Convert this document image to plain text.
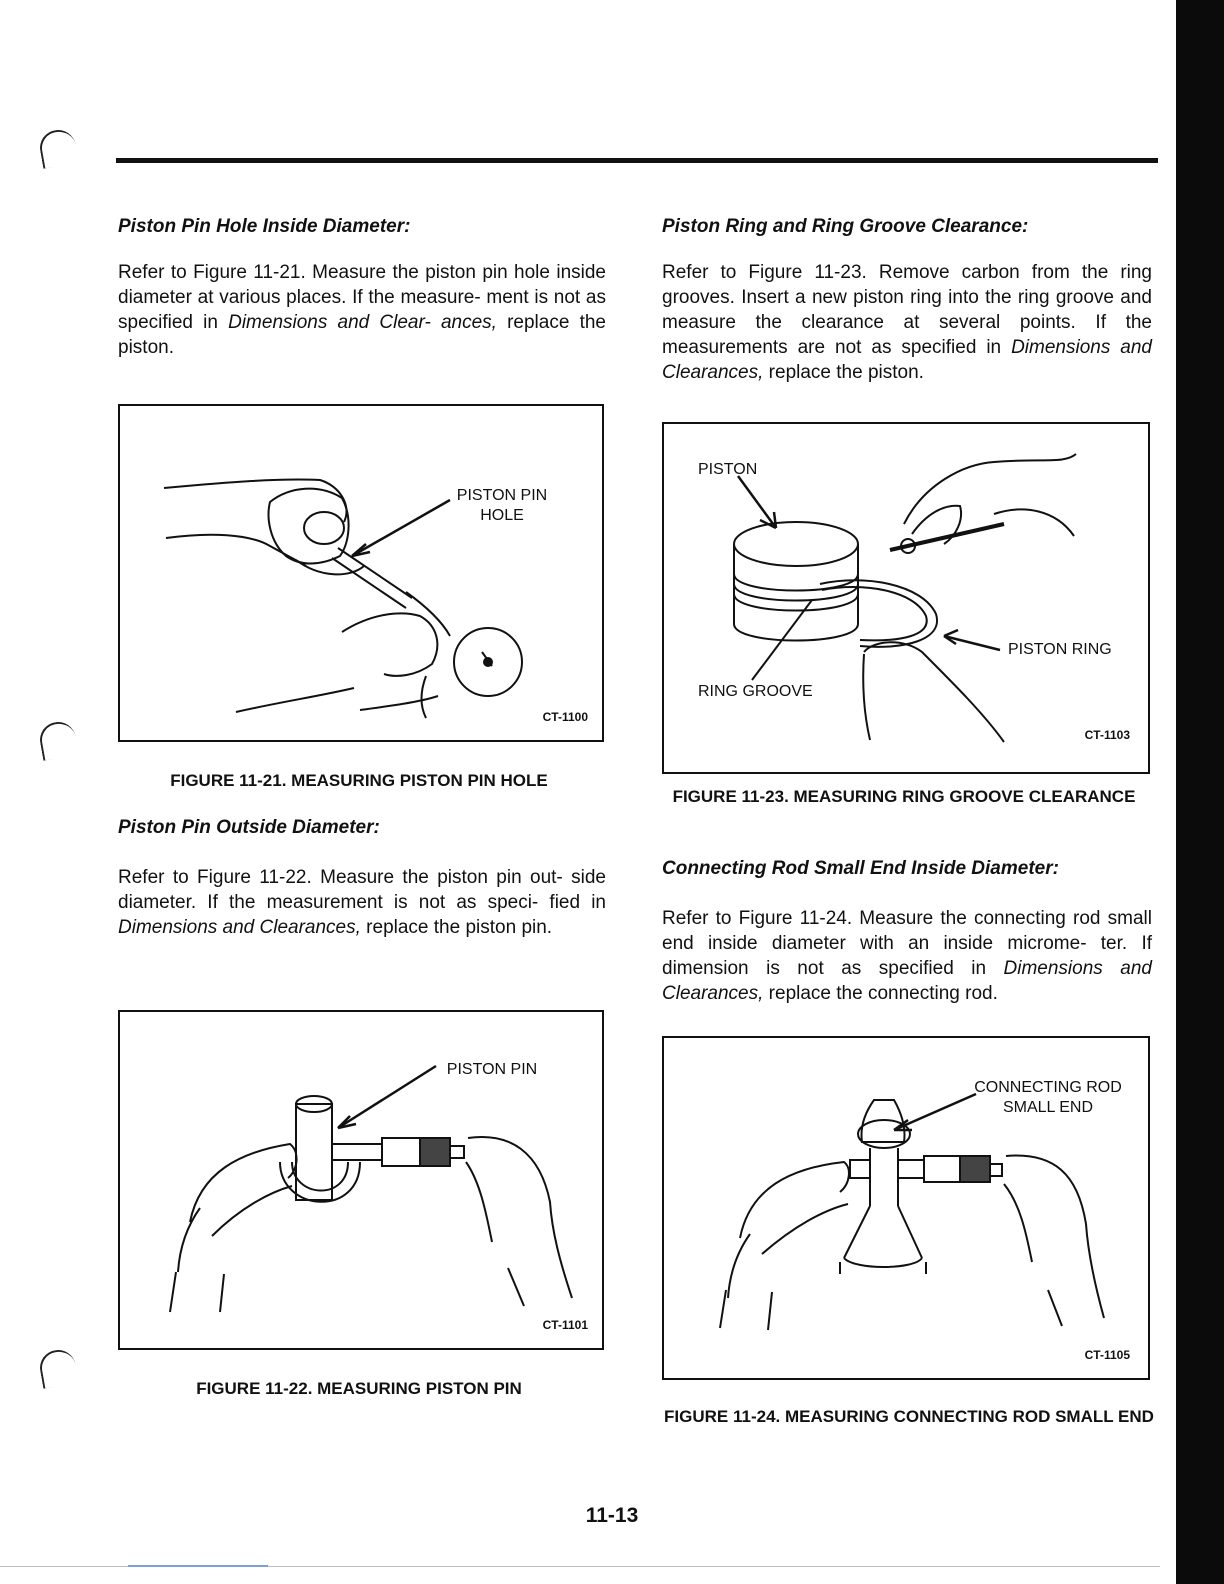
Piston Pin Hole Inside Diameter:

Refer to Figure 11-21. Measure the piston pin hole inside diameter at various places. If the measure- ment is not as specified in Dimensions and Clear- ances, replace the piston.

PISTON PIN HOLE
CT-1100
FIGURE 11-21. MEASURING PISTON PIN HOLE

Piston Pin Outside Diameter:

Refer to Figure 11-22. Measure the piston pin out- side diameter. If the measurement is not as speci- fied in Dimensions and Clearances, replace the piston pin.

PISTON PIN
CT-1101
FIGURE 11-22. MEASURING PISTON PIN

Piston Ring and Ring Groove Clearance:

Refer to Figure 11-23. Remove carbon from the ring grooves. Insert a new piston ring into the ring groove and measure the clearance at several points. If the measurements are not as specified in Dimensions and Clearances, replace the piston.

PISTON
PISTON RING
RING GROOVE
CT-1103
FIGURE 11-23. MEASURING RING GROOVE CLEARANCE

Connecting Rod Small End Inside Diameter:

Refer to Figure 11-24. Measure the connecting rod small end inside diameter with an inside microme- ter. If dimension is not as specified in Dimensions and Clearances, replace the connecting rod.

CONNECTING ROD SMALL END
CT-1105
FIGURE 11-24. MEASURING CONNECTING ROD SMALL END
11-13
